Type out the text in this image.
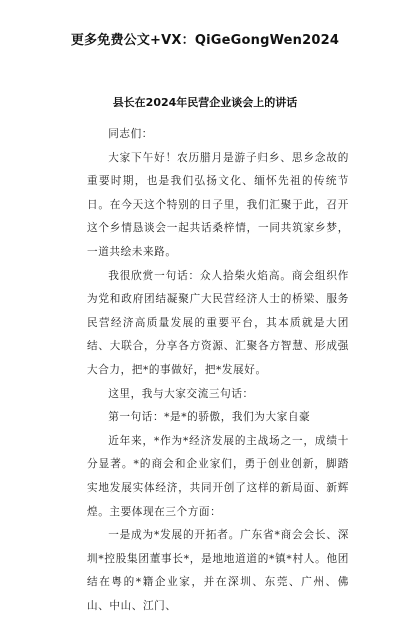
更多免费公文+VX：QiGeGongWen2024
县长在2024年民营企业谈会上的讲话

同志们：

大家下午好！农历腊月是游子归乡、思乡念故的重要时期，也是我们弘扬文化、缅怀先祖的传统节日。在今天这个特别的日子里，我们汇聚于此，召开这个乡情恳谈会一起共话桑梓情，一同共筑家乡梦，一道共绘未来路。

我很欣赏一句话：众人拾柴火焰高。商会组织作为党和政府团结凝聚广大民营经济人士的桥梁、服务民营经济高质量发展的重要平台，其本质就是大团结、大联合，分享各方资源、汇聚各方智慧、形成强大合力，把*的事做好，把*发展好。

这里，我与大家交流三句话：

第一句话：*是*的骄傲，我们为大家自豪

近年来，*作为*经济发展的主战场之一，成绩十分显著。*的商会和企业家们，勇于创业创新，脚踏实地发展实体经济，共同开创了这样的新局面、新辉煌。主要体现在三个方面：

一是成为*发展的开拓者。广东省*商会会长、深圳*控股集团董事长*，是地地道道的*镇*村人。他团结在粤的*籍企业家，并在深圳、东莞、广州、佛山、中山、江门、
